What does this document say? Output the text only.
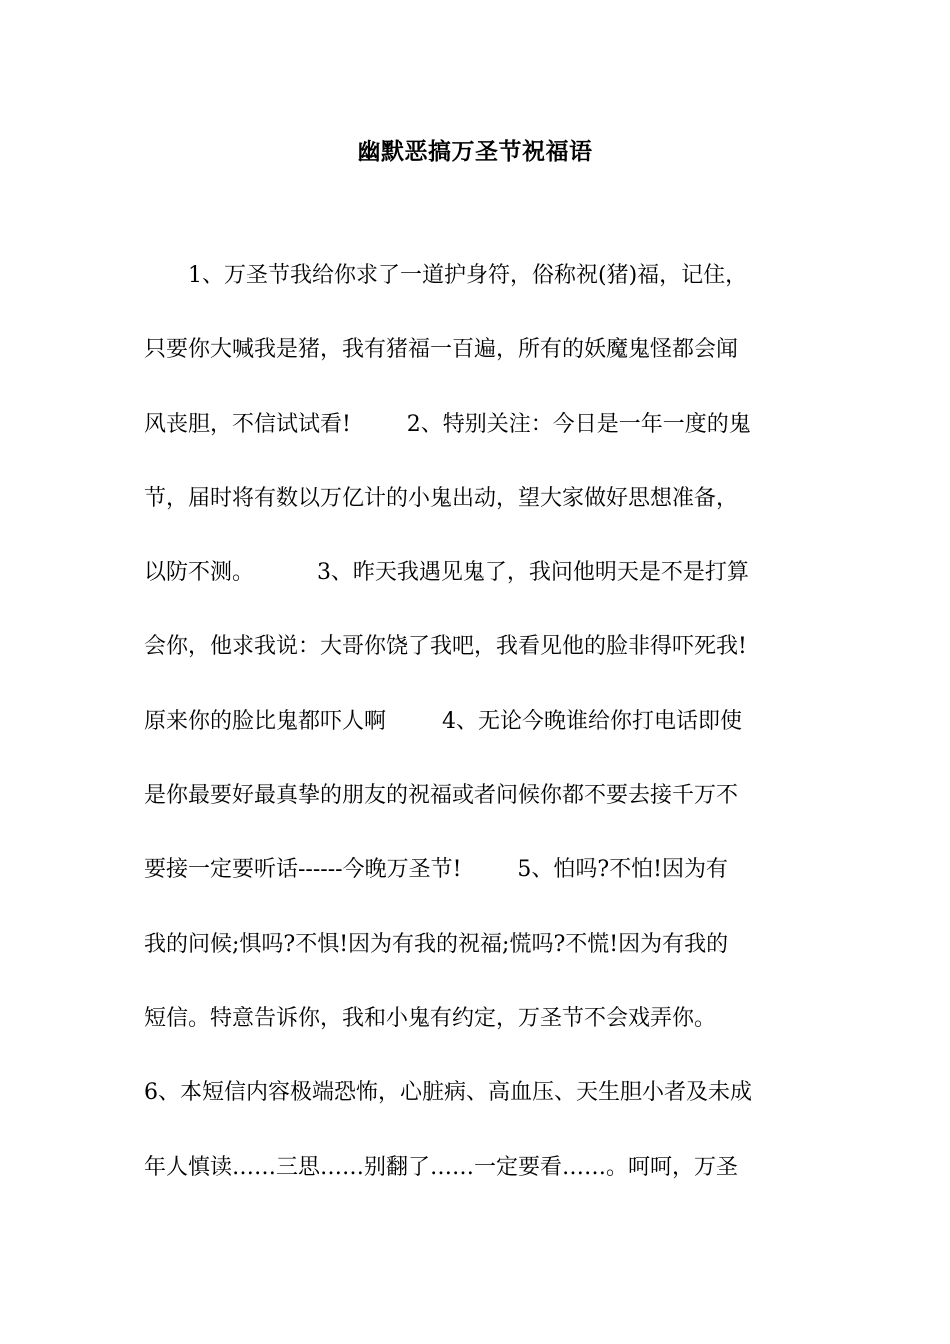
幽默恶搞万圣节祝福语
　　1、万圣节我给你求了一道护身符，俗称祝(猪)福，记住，
只要你大喊我是猪，我有猪福一百遍，所有的妖魔鬼怪都会闻
风丧胆，不信试试看!        2、特别关注：今日是一年一度的鬼
节，届时将有数以万亿计的小鬼出动，望大家做好思想准备，
以防不测。         3、昨天我遇见鬼了，我问他明天是不是打算
会你，他求我说：大哥你饶了我吧，我看见他的脸非得吓死我!
原来你的脸比鬼都吓人啊        4、无论今晚谁给你打电话即使
是你最要好最真挚的朋友的祝福或者问候你都不要去接千万不
要接一定要听话------今晚万圣节!        5、怕吗?不怕!因为有
我的问候;惧吗?不惧!因为有我的祝福;慌吗?不慌!因为有我的
短信。特意告诉你，我和小鬼有约定，万圣节不会戏弄你。
6、本短信内容极端恐怖，心脏病、高血压、天生胆小者及未成
年人慎读……三思……别翻了……一定要看……。呵呵，万圣
